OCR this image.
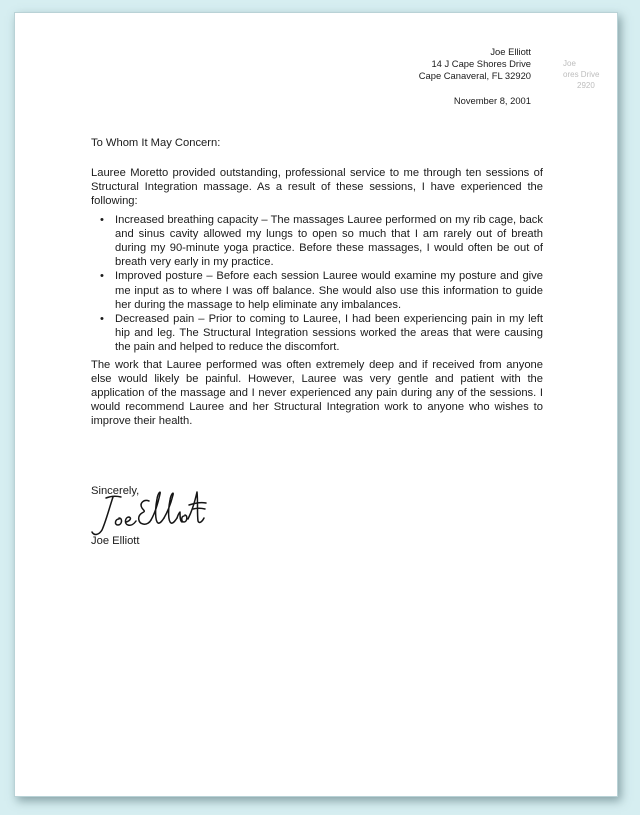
Joe Elliott
14 J Cape Shores Drive
Cape Canaveral, FL 32920
Joe
ores Drive
2920
November 8, 2001
To Whom It May Concern:

Lauree Moretto provided outstanding, professional service to me through ten sessions of Structural Integration massage. As a result of these sessions, I have experienced the following:

• Increased breathing capacity – The massages Lauree performed on my rib cage, back and sinus cavity allowed my lungs to open so much that I am rarely out of breath during my 90-minute yoga practice. Before these massages, I would often be out of breath very early in my practice.
• Improved posture – Before each session Lauree would examine my posture and give me input as to where I was off balance. She would also use this information to guide her during the massage to help eliminate any imbalances.
• Decreased pain – Prior to coming to Lauree, I had been experiencing pain in my left hip and leg. The Structural Integration sessions worked the areas that were causing the pain and helped to reduce the discomfort.

The work that Lauree performed was often extremely deep and if received from anyone else would likely be painful. However, Lauree was very gentle and patient with the application of the massage and I never experienced any pain during any of the sessions. I would recommend Lauree and her Structural Integration work to anyone who wishes to improve their health.

Sincerely,
Joe Elliott
